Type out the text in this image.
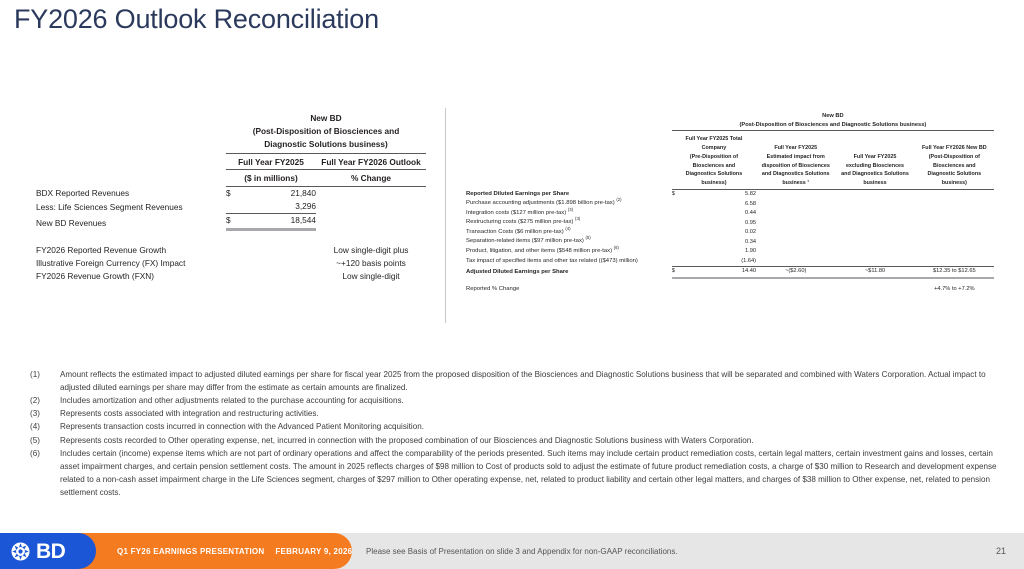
FY2026 Outlook Reconciliation

	New BD
(Post-Disposition of Biosciences and
Diagnostic Solutions business)		

	Full Year FY2025		Full Year FY2026 Outlook
	($ in millions)		% Change
BDX Reported Revenues	$	21,840	
Less: Life Sciences Segment Revenues		3,296	
New BD Revenues	$	18,544	

FY2026 Reported Revenue Growth			Low single-digit plus
Illustrative Foreign Currency (FX) Impact			~+120 basis points
FY2026 Revenue Growth (FXN)			Low single-digit

	New BD
(Post-Disposition of Biosciences and Diagnostic Solutions business)				

Full Year FY2025 Total
Company
(Pre-Disposition of
Biosciences and
Diagnostics Solutions
business)

Full Year FY2025
Estimated impact from
disposition of Biosciences
and Diagnostics Solutions
business ¹

Full Year FY2025
excluding Biosciences
and Diagnostics Solutions
business

Full Year FY2026 New BD
(Post-Disposition of
Biosciences and
Diagnostic Solutions
business)

Reported Diluted Earnings per Share	$	5.82			
Purchase accounting adjustments ($1.898 billion pre-tax) $^{(2)}$		6.58			
Integration costs ($127 million pre-tax) $^{(3)}$		0.44			
Restructuring costs ($275 million pre-tax) $^{(3)}$		0.95			
Transaction Costs ($6 million pre-tax) $^{(4)}$		0.02			
Separation-related items ($97 million pre-tax) $^{(5)}$		0.34			
Product, litigation, and other items ($548 million pre-tax) $^{(6)}$		1.90			
Tax impact of specified items and other tax related (($473) million)		(1.64)			
Adjusted Diluted Earnings per Share	$	14.40	~($2.60)	~$11.80	$12.35 to $12.65

Reported % Change					+4.7% to +7.2%
(1)	Amount reflects the estimated impact to adjusted diluted earnings per share for fiscal year 2025 from the proposed disposition of the Biosciences and Diagnostic Solutions business that will be separated and combined with Waters Corporation. Actual impact to adjusted diluted earnings per share may differ from the estimate as certain amounts are finalized.
(2)	Includes amortization and other adjustments related to the purchase accounting for acquisitions.
(3)	Represents costs associated with integration and restructuring activities.
(4)	Represents transaction costs incurred in connection with the Advanced Patient Monitoring acquisition.
(5)	Represents costs recorded to Other operating expense, net, incurred in connection with the proposed combination of our Biosciences and Diagnostic Solutions business with Waters Corporation.
(6)	Includes certain (income) expense items which are not part of ordinary operations and affect the comparability of the periods presented. Such items may include certain product remediation costs, certain legal matters, certain investment gains and losses, certain asset impairment charges, and certain pension settlement costs. The amount in 2025 reflects charges of $98 million to Cost of products sold to adjust the estimate of future product remediation costs, a charge of $30 million to Research and development expense related to a non-cash asset impairment charge in the Life Sciences segment, charges of $297 million to Other operating expense, net, related to product liability and certain other legal matters, and charges of $38 million to Other expense, net, related to pension settlement costs.
BD	Q1 FY26 EARNINGS PRESENTATION FEBRUARY 9, 2026 Please see Basis of Presentation on slide 3 and Appendix for non-GAAP reconciliations.	21
